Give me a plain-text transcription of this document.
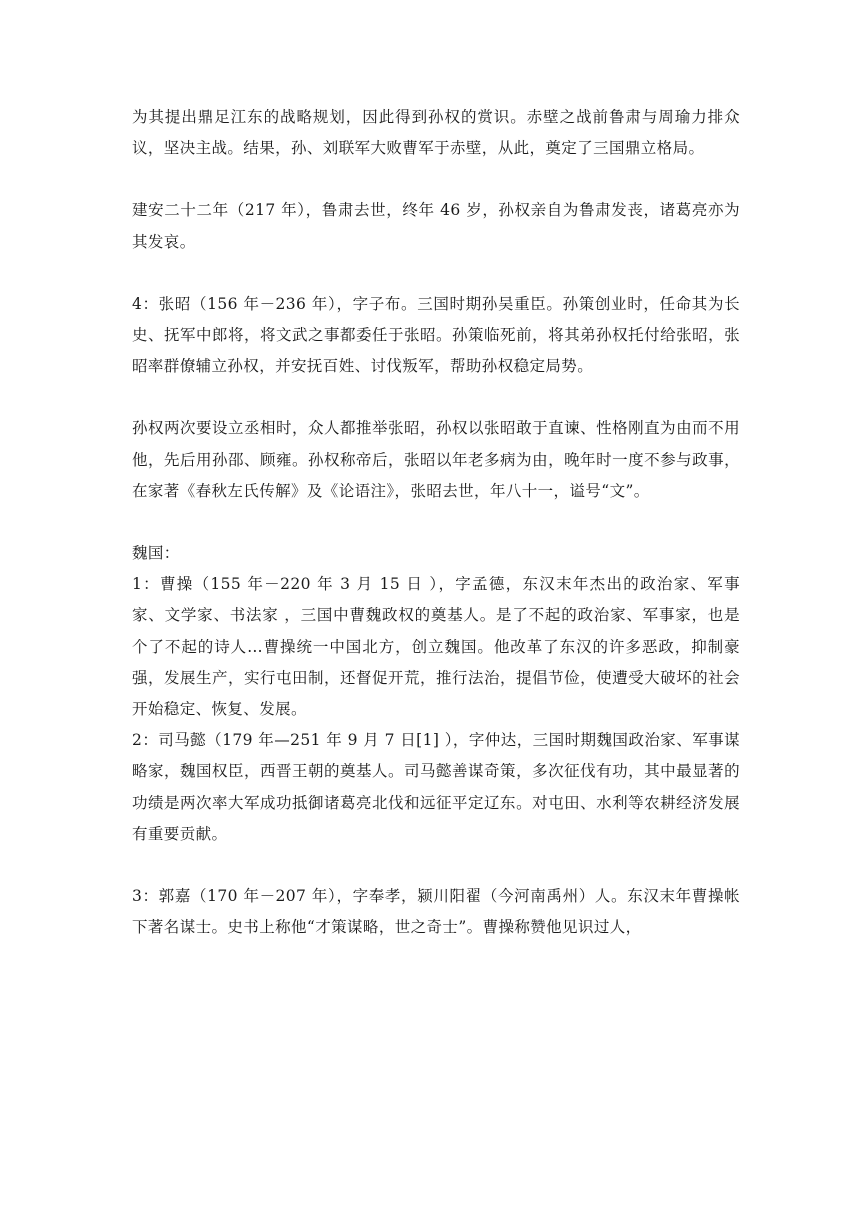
为其提出鼎足江东的战略规划，因此得到孙权的赏识。赤壁之战前鲁肃与周瑜力排众议，坚决主战。结果，孙、刘联军大败曹军于赤壁，从此，奠定了三国鼎立格局。

建安二十二年（217 年），鲁肃去世，终年 46 岁，孙权亲自为鲁肃发丧，诸葛亮亦为其发哀。

4：张昭（156 年－236 年），字子布。三国时期孙吴重臣。孙策创业时，任命其为长史、抚军中郎将，将文武之事都委任于张昭。孙策临死前，将其弟孙权托付给张昭，张昭率群僚辅立孙权，并安抚百姓、讨伐叛军，帮助孙权稳定局势。

孙权两次要设立丞相时，众人都推举张昭，孙权以张昭敢于直谏、性格刚直为由而不用他，先后用孙邵、顾雍。孙权称帝后，张昭以年老多病为由，晚年时一度不参与政事，在家著《春秋左氏传解》及《论语注》，张昭去世，年八十一，谥号“文”。

魏国：

1：曹操（155 年－220 年 3 月 15 日 ），字孟德，东汉末年杰出的政治家、军事家、文学家、书法家 ，三国中曹魏政权的奠基人。是了不起的政治家、军事家，也是个了不起的诗人…曹操统一中国北方，创立魏国。他改革了东汉的许多恶政，抑制豪强，发展生产，实行屯田制，还督促开荒，推行法治，提倡节俭，使遭受大破坏的社会开始稳定、恢复、发展。

2：司马懿（179 年—251 年 9 月 7 日[1] ），字仲达，三国时期魏国政治家、军事谋略家，魏国权臣，西晋王朝的奠基人。司马懿善谋奇策，多次征伐有功，其中最显著的功绩是两次率大军成功抵御诸葛亮北伐和远征平定辽东。对屯田、水利等农耕经济发展有重要贡献。

3：郭嘉（170 年－207 年），字奉孝，颍川阳翟（今河南禹州）人。东汉末年曹操帐下著名谋士。史书上称他“才策谋略，世之奇士”。曹操称赞他见识过人，
